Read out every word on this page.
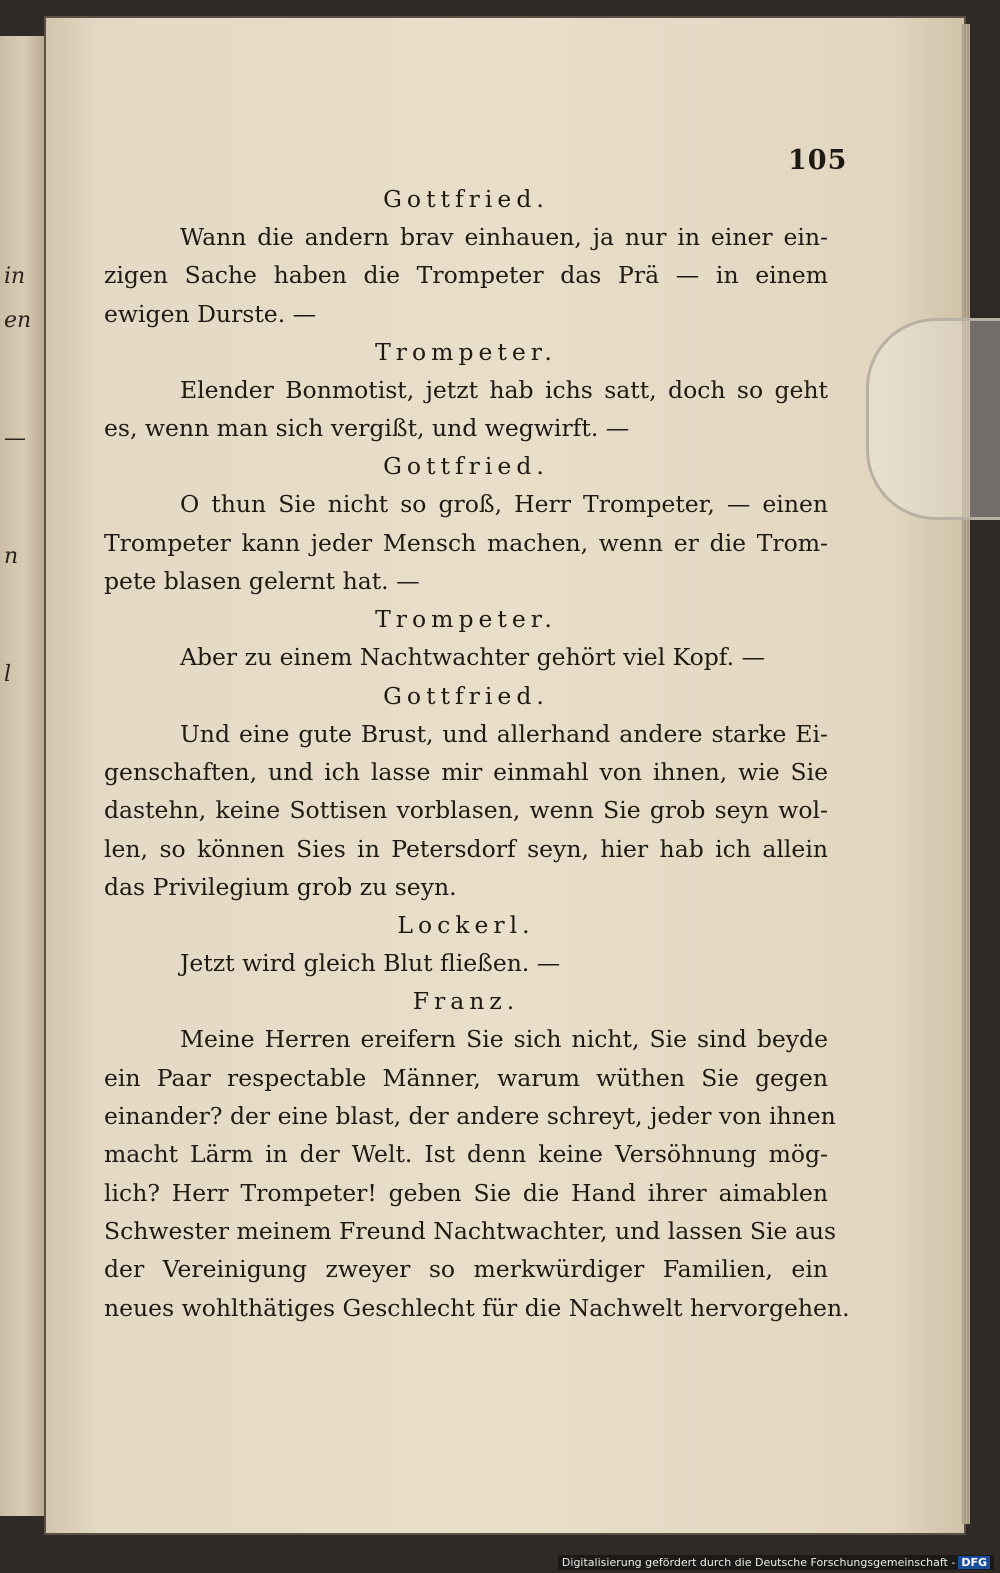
in
en
—
n
l
105
Gottfried.
Wann die andern brav einhauen, ja nur in einer ein-
zigen Sache haben die Trompeter das Prä — in einem
ewigen Durste. —
Trompeter.
Elender Bonmotist, jetzt hab ichs satt, doch so geht
es, wenn man sich vergißt, und wegwirft. —
Gottfried.
O thun Sie nicht so groß, Herr Trompeter, — einen
Trompeter kann jeder Mensch machen, wenn er die Trom-
pete blasen gelernt hat. —
Trompeter.
Aber zu einem Nachtwachter gehört viel Kopf. —
Gottfried.
Und eine gute Brust, und allerhand andere starke Ei-
genschaften, und ich lasse mir einmahl von ihnen, wie Sie
dastehn, keine Sottisen vorblasen, wenn Sie grob seyn wol-
len, so können Sies in Petersdorf seyn, hier hab ich allein
das Privilegium grob zu seyn.
Lockerl.
Jetzt wird gleich Blut fließen. —
Franz.
Meine Herren ereifern Sie sich nicht, Sie sind beyde
ein Paar respectable Männer, warum wüthen Sie gegen
einander? der eine blast, der andere schreyt, jeder von ihnen
macht Lärm in der Welt. Ist denn keine Versöhnung mög-
lich? Herr Trompeter! geben Sie die Hand ihrer aimablen
Schwester meinem Freund Nachtwachter, und lassen Sie aus
der Vereinigung zweyer so merkwürdiger Familien, ein
neues wohlthätiges Geschlecht für die Nachwelt hervorgehen.
Digitalisierung gefördert durch die Deutsche Forschungsgemeinschaft - DFG
